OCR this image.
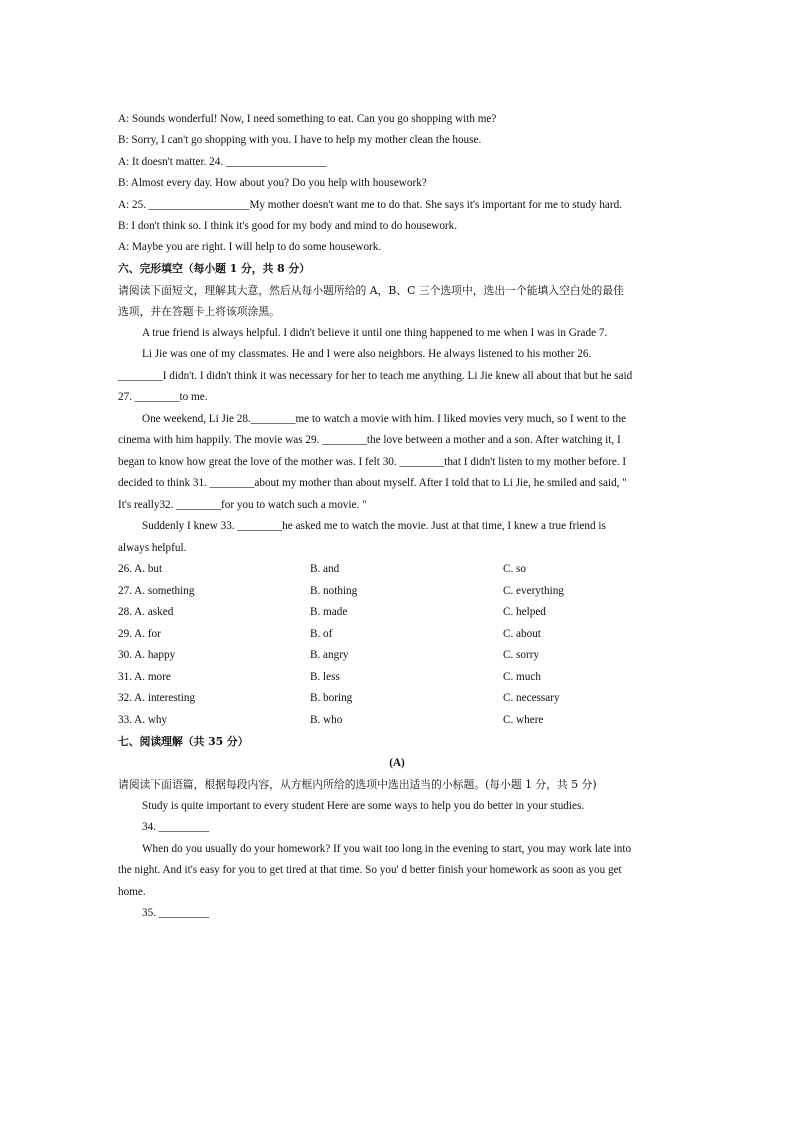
A: Sounds wonderful! Now, I need something to eat. Can you go shopping with me?
B: Sorry, I can't go shopping with you. I have to help my mother clean the house.
A: It doesn't matter. 24. __________________
B: Almost every day. How about you? Do you help with housework?
A: 25. __________________My mother doesn't want me to do that. She says it's important for me to study hard.
B: I don't think so. I think it's good for my body and mind to do housework.
A: Maybe you are right. I will help to do some housework.
六、完形填空（每小题 1 分，共 8 分）
请阅读下面短文，理解其大意，然后从每小题所给的 A，B、C 三个选项中，选出一个能填入空白处的最佳
选项，并在答题卡上将该项涂黑。
A true friend is always helpful. I didn't believe it until one thing happened to me when I was in Grade 7.
Li Jie was one of my classmates. He and I were also neighbors. He always listened to his mother 26.
________I didn't. I didn't think it was necessary for her to teach me anything. Li Jie knew all about that but he said
27. ________to me.
One weekend, Li Jie 28.________me to watch a movie with him. I liked movies very much, so I went to the
cinema with him happily. The movie was 29. ________the love between a mother and a son. After watching it, I
began to know how great the love of the mother was. I felt 30. ________that I didn't listen to my mother before. I
decided to think 31. ________about my mother than about myself. After I told that to Li Jie, he smiled and said, "
It's really32. ________for you to watch such a movie. "
Suddenly I knew 33. ________he asked me to watch the movie. Just at that time, I knew a true friend is
always helpful.
26. A. but	B. and	C. so
27. A. something	B. nothing	C. everything
28. A. asked	B. made	C. helped
29. A. for	B. of	C. about
30. A. happy	B. angry	C. sorry
31. A. more	B. less	C. much
32. A. interesting	B. boring	C. necessary
33. A. why	B. who	C. where
七、阅读理解（共 35 分）
(A)
请阅读下面语篇，根据每段内容，从方框内所给的选项中选出适当的小标题。(每小题 1 分，共 5 分)
Study is quite important to every student Here are some ways to help you do better in your studies.
34. _________
When do you usually do your homework? If you wait too long in the evening to start, you may work late into
the night. And it's easy for you to get tired at that time. So you' d better finish your homework as soon as you get
home.
35. _________
